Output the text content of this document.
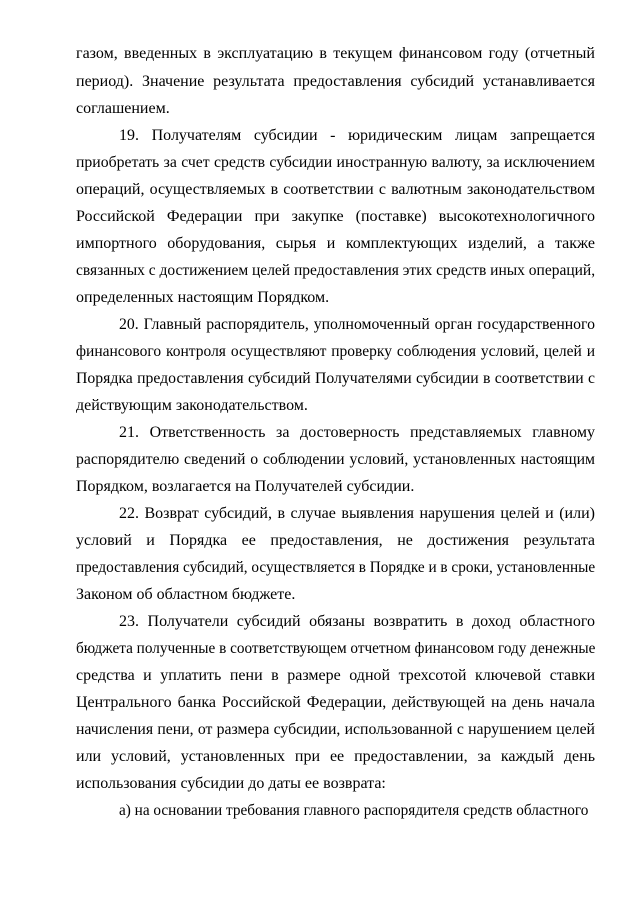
газом, введенных в эксплуатацию в текущем финансовом году (отчетный
период). Значение результата предоставления субсидий устанавливается
соглашением.
19. Получателям субсидии - юридическим лицам запрещается
приобретать за счет средств субсидии иностранную валюту, за исключением
операций, осуществляемых в соответствии с валютным законодательством
Российской Федерации при закупке (поставке) высокотехнологичного
импортного оборудования, сырья и комплектующих изделий, а также
связанных с достижением целей предоставления этих средств иных операций,
определенных настоящим Порядком.
20. Главный распорядитель, уполномоченный орган государственного
финансового контроля осуществляют проверку соблюдения условий, целей и
Порядка предоставления субсидий Получателями субсидии в соответствии с
действующим законодательством.
21. Ответственность за достоверность представляемых главному
распорядителю сведений о соблюдении условий, установленных настоящим
Порядком, возлагается на Получателей субсидии.
22. Возврат субсидий, в случае выявления нарушения целей и (или)
условий и Порядка ее предоставления, не достижения результата
предоставления субсидий, осуществляется в Порядке и в сроки, установленные
Законом об областном бюджете.
23. Получатели субсидий обязаны возвратить в доход областного
бюджета полученные в соответствующем отчетном финансовом году денежные
средства и уплатить пени в размере одной трехсотой ключевой ставки
Центрального банка Российской Федерации, действующей на день начала
начисления пени, от размера субсидии, использованной с нарушением целей
или условий, установленных при ее предоставлении, за каждый день
использования субсидии до даты ее возврата:
а) на основании требования главного распорядителя средств областного
